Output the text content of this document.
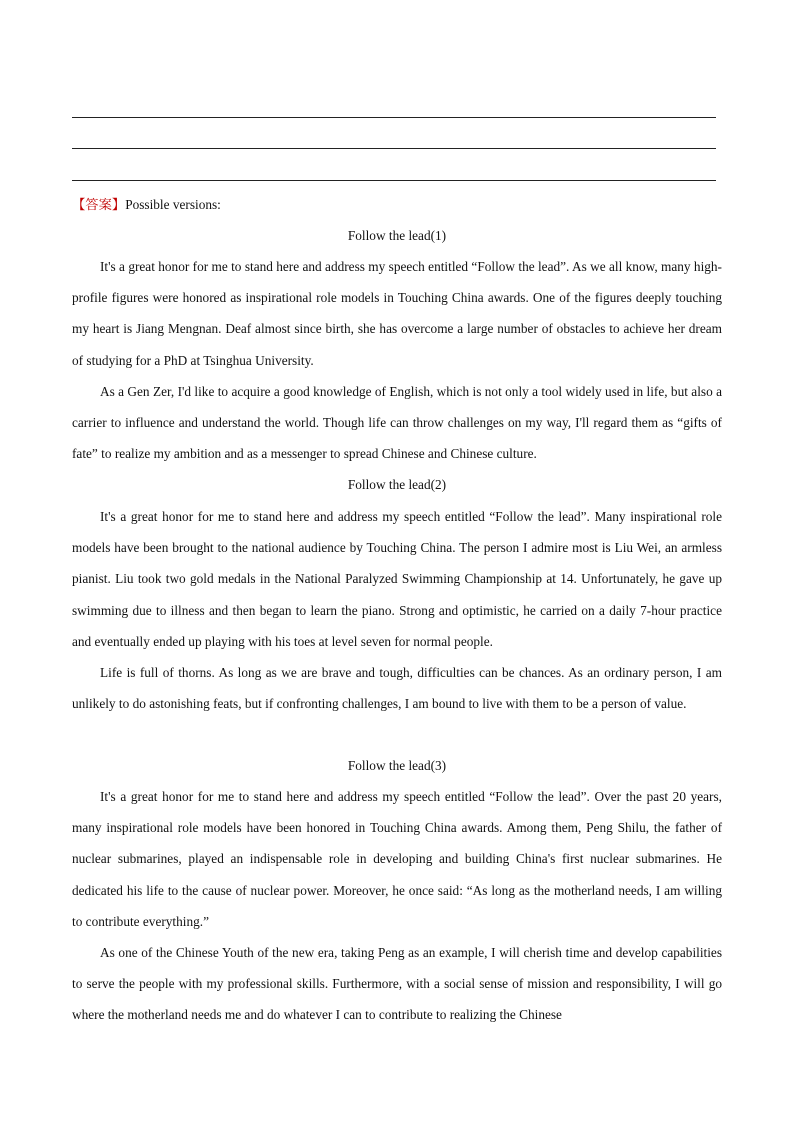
【答案】Possible versions:
Follow the lead(1)

It's a great honor for me to stand here and address my speech entitled “Follow the lead”. As we all know, many high-profile figures were honored as inspirational role models in Touching China awards. One of the figures deeply touching my heart is Jiang Mengnan. Deaf almost since birth, she has overcome a large number of obstacles to achieve her dream of studying for a PhD at Tsinghua University.

As a Gen Zer, I'd like to acquire a good knowledge of English, which is not only a tool widely used in life, but also a carrier to influence and understand the world. Though life can throw challenges on my way, I'll regard them as “gifts of fate” to realize my ambition and as a messenger to spread Chinese and Chinese culture.

Follow the lead(2)

It's a great honor for me to stand here and address my speech entitled “Follow the lead”. Many inspirational role models have been brought to the national audience by Touching China. The person I admire most is Liu Wei, an armless pianist. Liu took two gold medals in the National Paralyzed Swimming Championship at 14. Unfortunately, he gave up swimming due to illness and then began to learn the piano. Strong and optimistic, he carried on a daily 7-hour practice and eventually ended up playing with his toes at level seven for normal people.

Life is full of thorns. As long as we are brave and tough, difficulties can be chances. As an ordinary person, I am unlikely to do astonishing feats, but if confronting challenges, I am bound to live with them to be a person of value.

Follow the lead(3)

It's a great honor for me to stand here and address my speech entitled “Follow the lead”. Over the past 20 years, many inspirational role models have been honored in Touching China awards. Among them, Peng Shilu, the father of nuclear submarines, played an indispensable role in developing and building China's first nuclear submarines. He dedicated his life to the cause of nuclear power. Moreover, he once said: “As long as the motherland needs, I am willing to contribute everything.”

As one of the Chinese Youth of the new era, taking Peng as an example, I will cherish time and develop capabilities to serve the people with my professional skills. Furthermore, with a social sense of mission and responsibility, I will go where the motherland needs me and do whatever I can to contribute to realizing the Chinese
